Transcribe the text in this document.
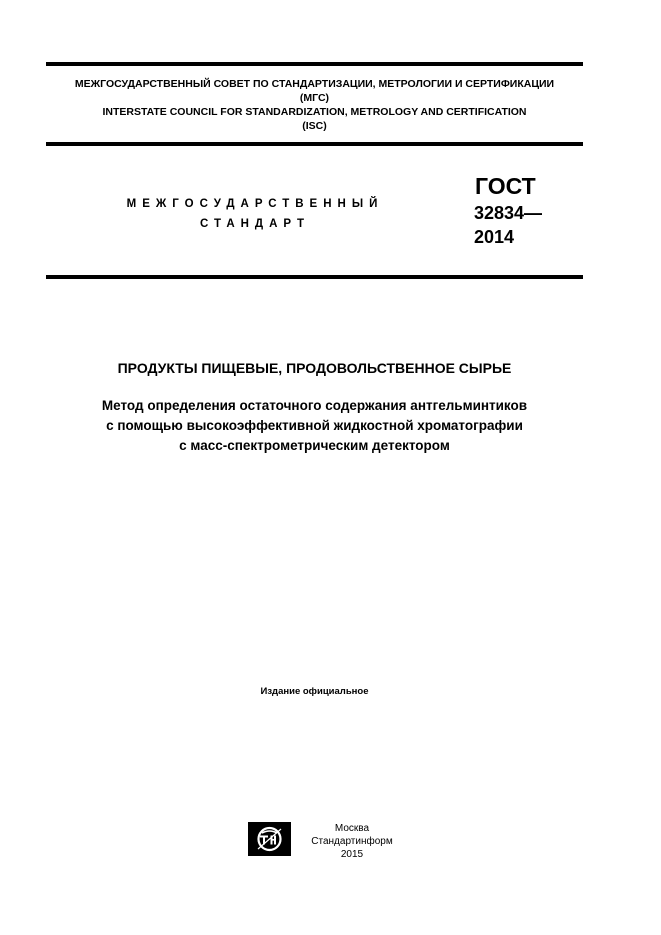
МЕЖГОСУДАРСТВЕННЫЙ СОВЕТ ПО СТАНДАРТИЗАЦИИ, МЕТРОЛОГИИ И СЕРТИФИКАЦИИ
(МГС)
INTERSTATE COUNCIL FOR STANDARDIZATION, METROLOGY AND CERTIFICATION
(ISC)
МЕЖГОСУДАРСТВЕННЫЙ
СТАНДАРТ
ГОСТ
32834—
2014
ПРОДУКТЫ ПИЩЕВЫЕ, ПРОДОВОЛЬСТВЕННОЕ СЫРЬЕ
Метод определения остаточного содержания антгельминтиков
с помощью высокоэффективной жидкостной хроматографии
с масс-спектрометрическим детектором
Издание официальное
Москва
Стандартинформ
2015
